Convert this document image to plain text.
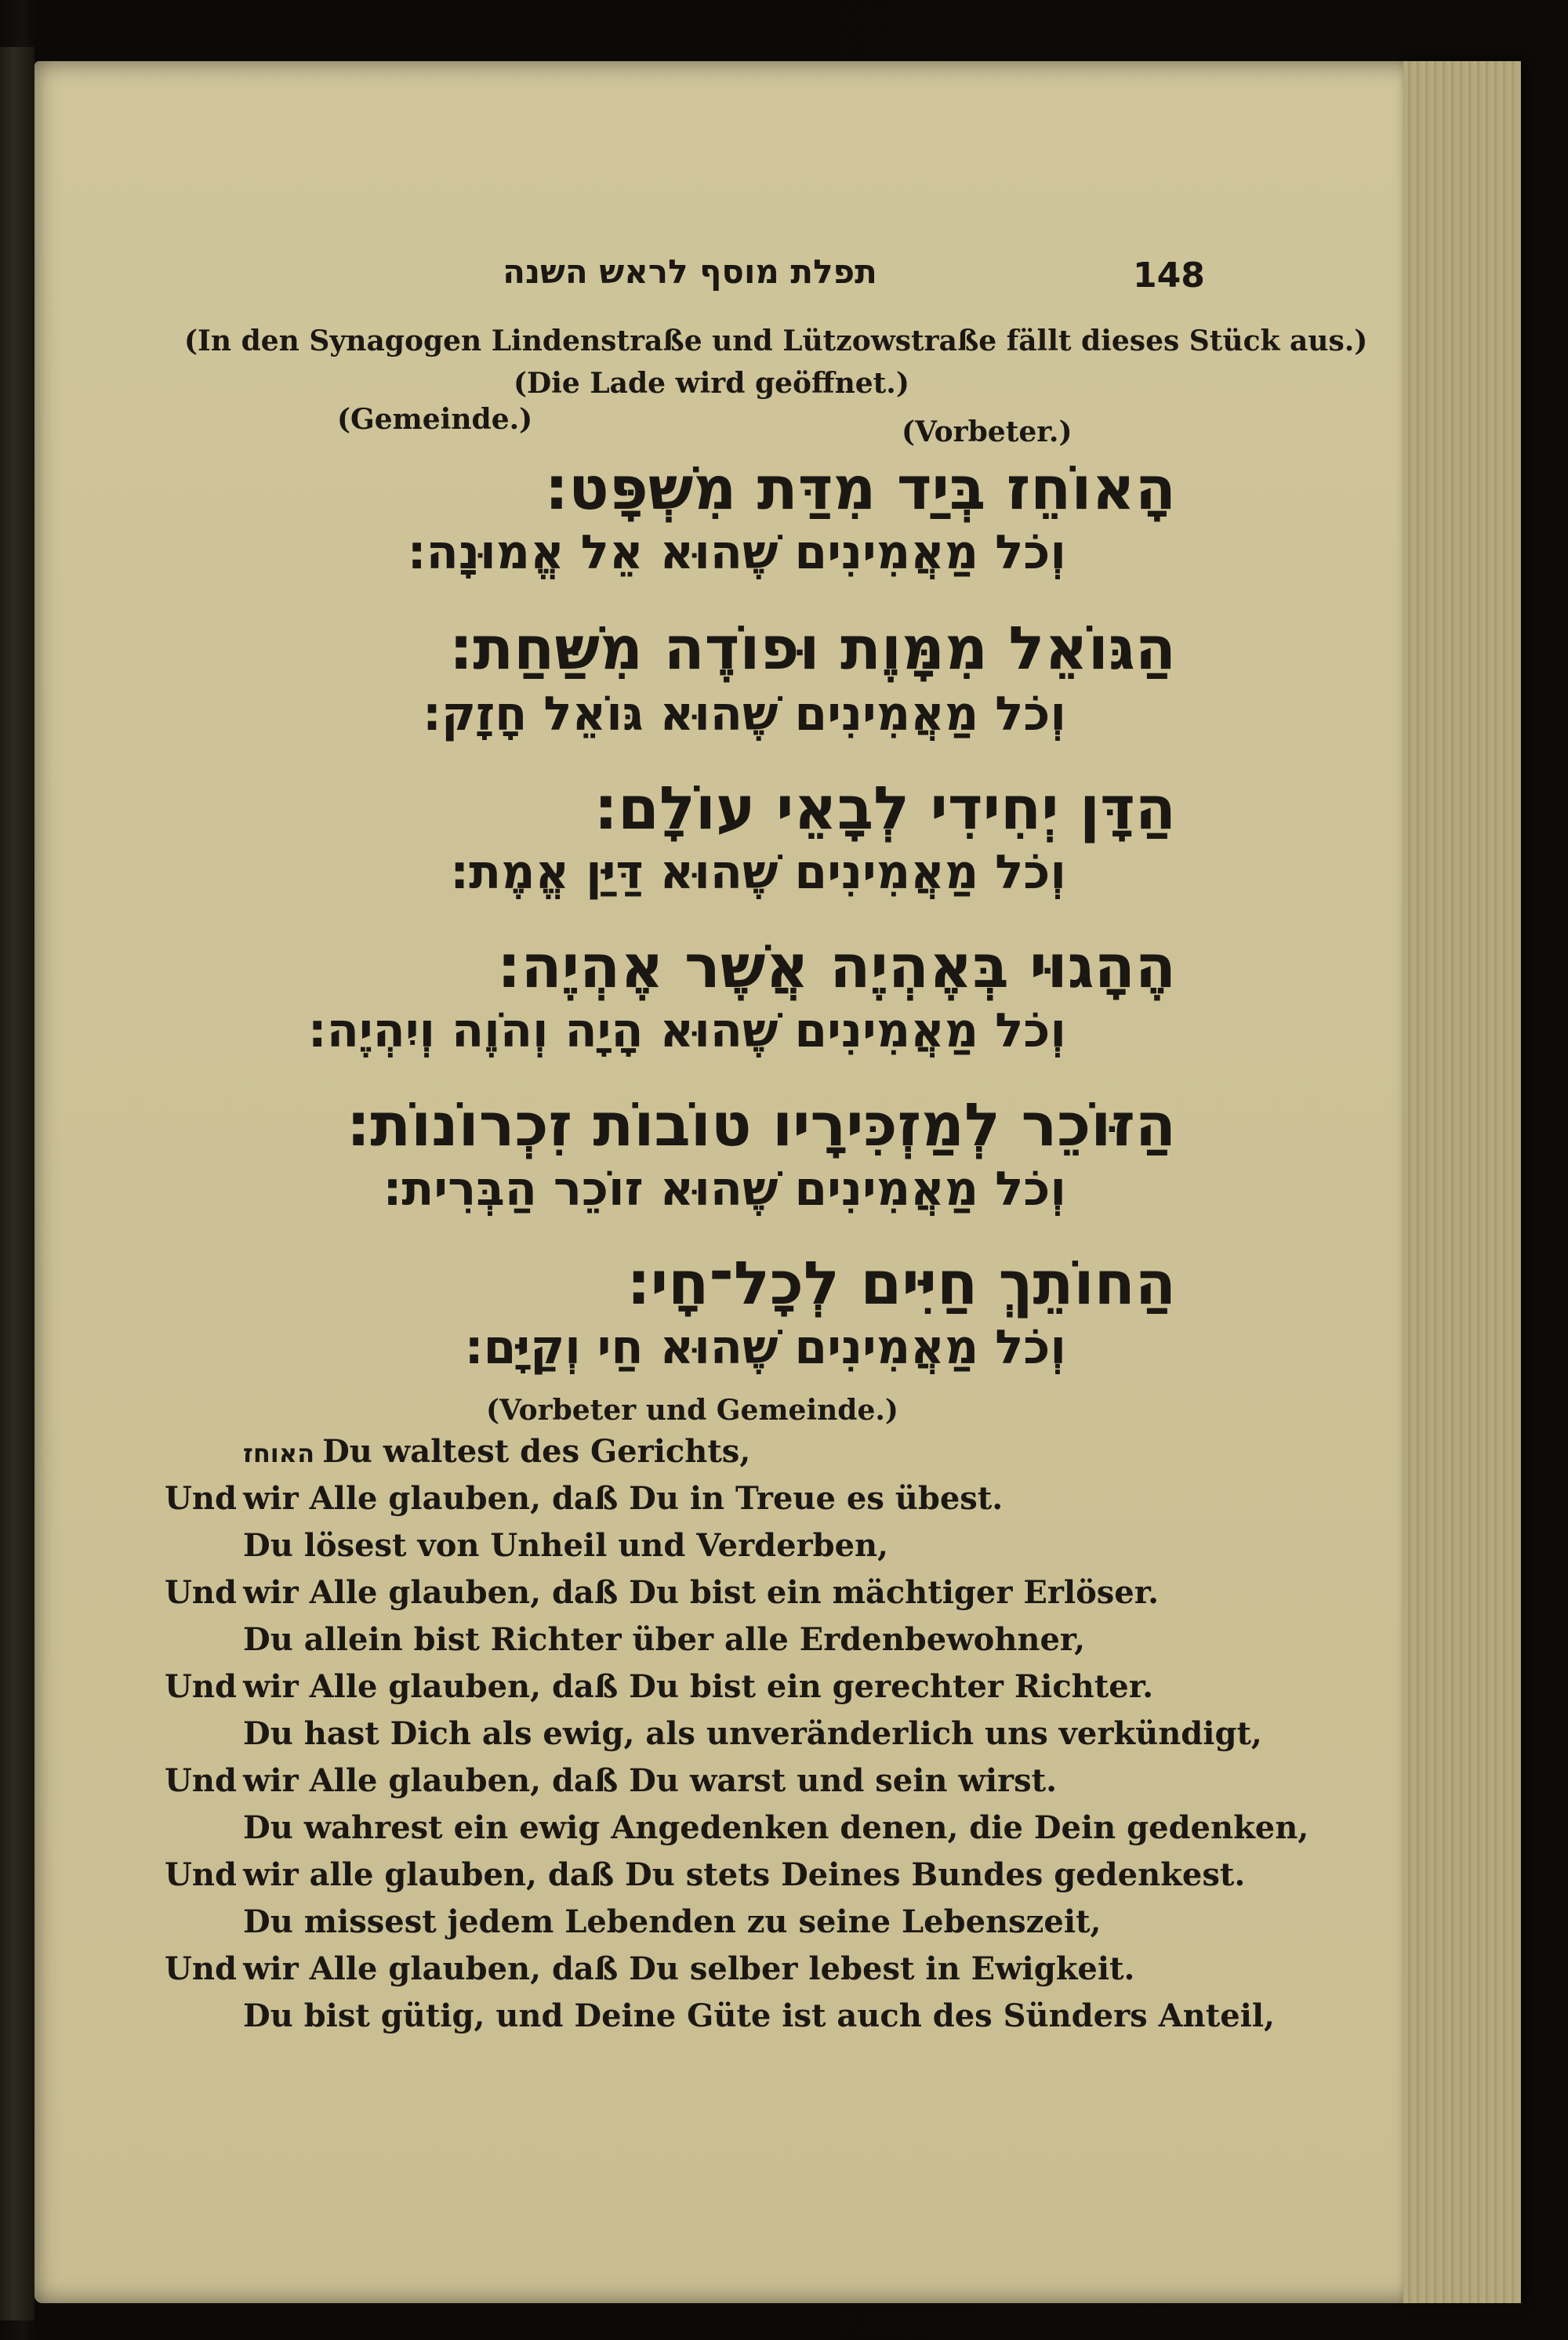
תפלת מוסף לראש השנה	148
(In den Synagogen Lindenstraße und Lützowstraße fällt dieses Stück aus.)
(Die Lade wird geöffnet.)
(Gemeinde.)	(Vorbeter.)
הָאוֹחֵז בְּיַד מִדַּת מִשְׁפָּט:
וְכֹל מַאֲמִינִים שֶׁהוּא אֵל אֱמוּנָה:
הַגּוֹאֵל מִמָּוֶת וּפוֹדֶה מִשַּׁחַת:
וְכֹל מַאֲמִינִים שֶׁהוּא גּוֹאֵל חָזָק:
הַדָּן יְחִידִי לְבָאֵי עוֹלָם:
וְכֹל מַאֲמִינִים שֶׁהוּא דַּיַּן אֱמֶת:
הֶהָגוּי בְּאֶהְיֶה אֲשֶׁר אֶהְיֶה:
וְכֹל מַאֲמִינִים שֶׁהוּא הָיָה וְהֹוֶה וְיִהְיֶה:
הַזּוֹכֵר לְמַזְכִּירָיו טוֹבוֹת זִכְרוֹנוֹת:
וְכֹל מַאֲמִינִים שֶׁהוּא זוֹכֵר הַבְּרִית:
הַחוֹתֵךְ חַיִּים לְכָל־חָי:
וְכֹל מַאֲמִינִים שֶׁהוּא חַי וְקַיָּם:
(Vorbeter und Gemeinde.)
האוחז Du waltest des Gerichts,
Und wir Alle glauben, daß Du in Treue es übest.
Du lösest von Unheil und Verderben,
Und wir Alle glauben, daß Du bist ein mächtiger Erlöser.
Du allein bist Richter über alle Erdenbewohner,
Und wir Alle glauben, daß Du bist ein gerechter Richter.
Du hast Dich als ewig, als unveränderlich uns verkündigt,
Und wir Alle glauben, daß Du warst und sein wirst.
Du wahrest ein ewig Angedenken denen, die Dein gedenken,
Und wir alle glauben, daß Du stets Deines Bundes gedenkest.
Du missest jedem Lebenden zu seine Lebenszeit,
Und wir Alle glauben, daß Du selber lebest in Ewigkeit.
Du bist gütig, und Deine Güte ist auch des Sünders Anteil,
